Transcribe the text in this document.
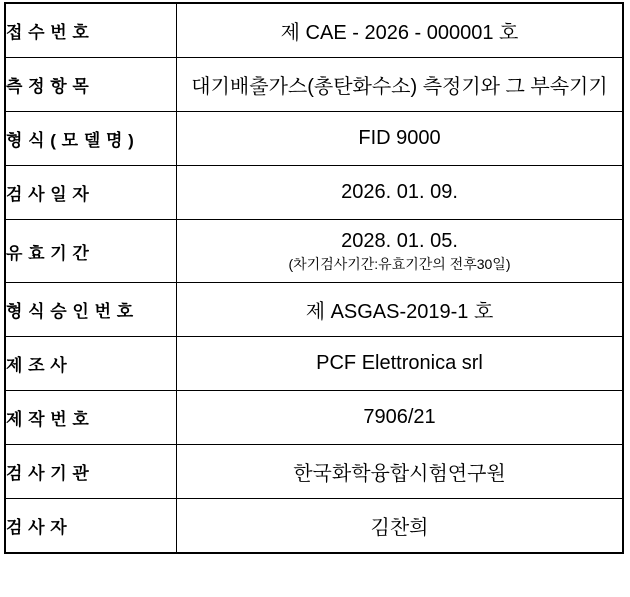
접 수 번 호	제 CAE - 2026 - 000001 호

측 정 항 목	대기배출가스(총탄화수소) 측정기와 그 부속기기

형 식 ( 모 델 명 )	FID 9000

검 사 일 자	2026. 01. 09.

유 효 기 간	2028. 01. 05.
(차기검사기간:유효기간의 전후30일)

형 식 승 인 번 호	제 ASGAS-2019-1 호

제 조 사	PCF Elettronica srl

제 작 번 호	7906/21

검 사 기 관	한국화학융합시험연구원

검 사 자	김찬희
